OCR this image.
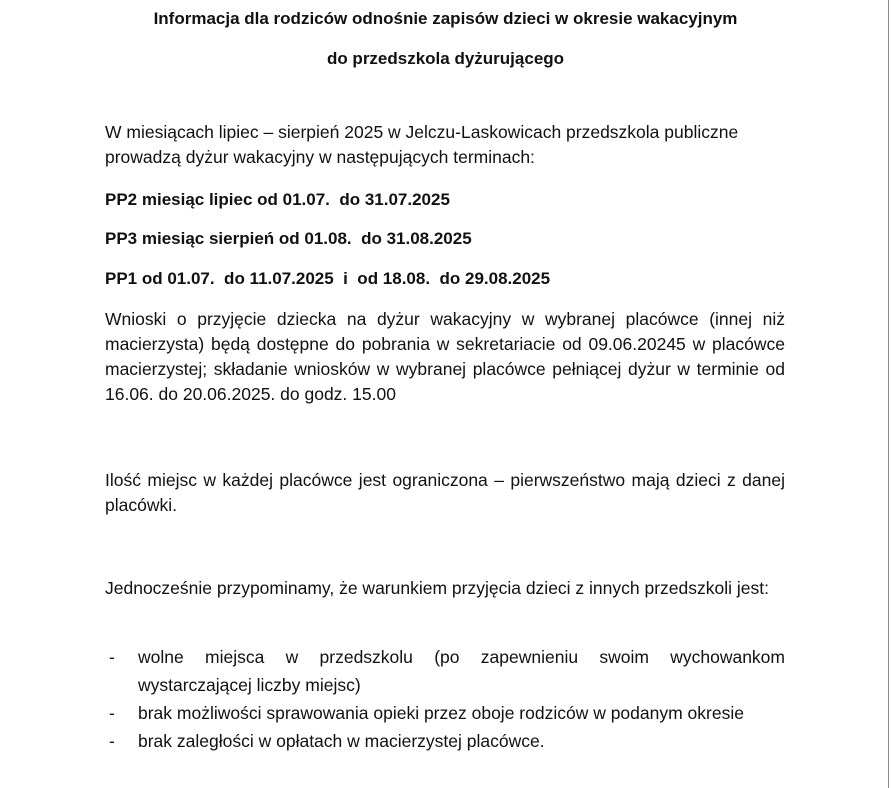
Informacja dla rodziców odnośnie zapisów dzieci w okresie wakacyjnym

do przedszkola dyżurującego

W miesiącach lipiec – sierpień 2025 w Jelczu-Laskowicach przedszkola publiczne prowadzą dyżur wakacyjny w następujących terminach:

PP2 miesiąc lipiec od 01.07.  do 31.07.2025

PP3 miesiąc sierpień od 01.08.  do 31.08.2025

PP1 od 01.07.  do 11.07.2025  i  od 18.08.  do 29.08.2025

Wnioski o przyjęcie dziecka na dyżur wakacyjny w wybranej placówce (innej niż macierzysta) będą dostępne do pobrania w sekretariacie od 09.06.20245 w placówce macierzystej; składanie wniosków w wybranej placówce pełniącej dyżur w terminie od 16.06. do 20.06.2025. do godz. 15.00

Ilość miejsc w każdej placówce jest ograniczona – pierwszeństwo mają dzieci z danej placówki.

Jednocześnie przypominamy, że warunkiem przyjęcia dzieci z innych przedszkoli jest:

- wolne miejsca w przedszkolu (po zapewnieniu swoim wychowankom wystarczającej liczby miejsc)
- brak możliwości sprawowania opieki przez oboje rodziców w podanym okresie
- brak zaległości w opłatach w macierzystej placówce.
